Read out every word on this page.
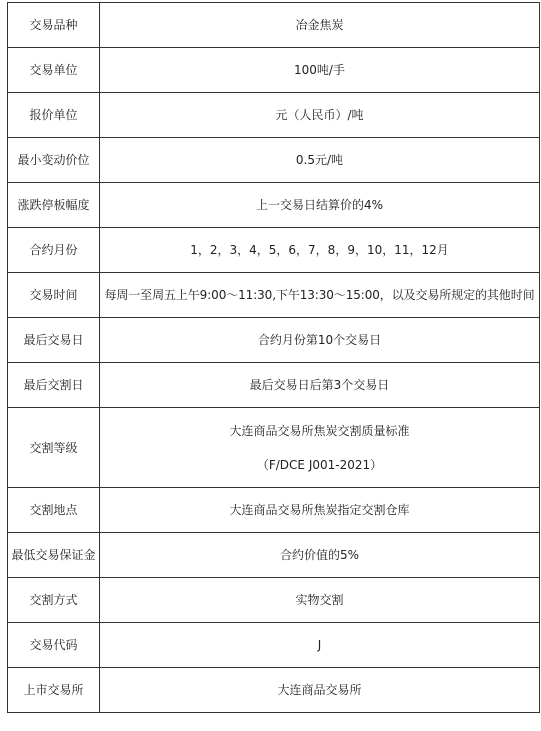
交易品种	冶金焦炭
交易单位	100吨/手
报价单位	元（人民币）/吨
最小变动价位	0.5元/吨
涨跌停板幅度	上一交易日结算价的4%
合约月份	1，2，3，4，5，6，7，8，9，10，11，12月
交易时间	每周一至周五上午9:00～11:30,下午13:30～15:00，以及交易所规定的其他时间
最后交易日	合约月份第10个交易日
最后交割日	最后交易日后第3个交易日
交割等级	大连商品交易所焦炭交割质量标准
（F/DCE J001-2021）

交割地点	大连商品交易所焦炭指定交割仓库
最低交易保证金	合约价值的5%
交割方式	实物交割
交易代码	J
上市交易所	大连商品交易所
